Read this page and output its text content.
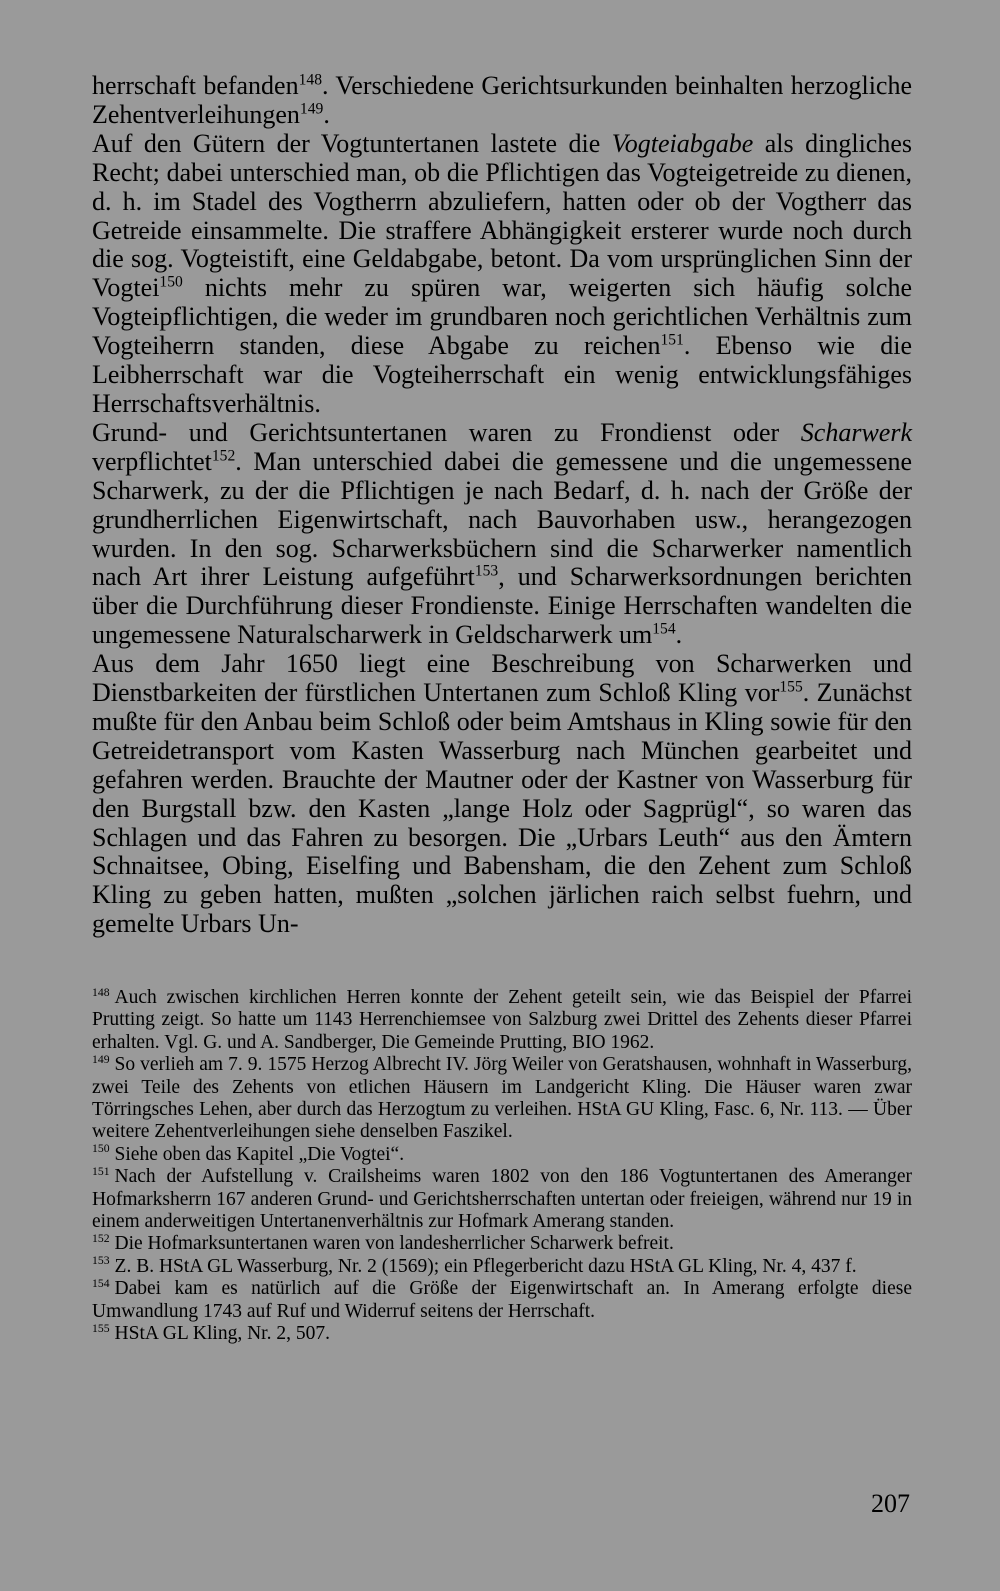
herrschaft befanden$^{148}$. Verschiedene Gerichtsurkunden beinhalten herzogliche Zehentverleihungen$^{149}$.

Auf den Gütern der Vogtuntertanen lastete die Vogteiabgabe als dingliches Recht; dabei unterschied man, ob die Pflichtigen das Vogteigetreide zu dienen, d. h. im Stadel des Vogtherrn abzuliefern, hatten oder ob der Vogtherr das Getreide einsammelte. Die straffere Abhängigkeit ersterer wurde noch durch die sog. Vogteistift, eine Geldabgabe, betont. Da vom ursprünglichen Sinn der Vogtei$^{150}$ nichts mehr zu spüren war, weigerten sich häufig solche Vogteipflichtigen, die weder im grundbaren noch gerichtlichen Verhältnis zum Vogteiherrn standen, diese Abgabe zu reichen$^{151}$. Ebenso wie die Leibherrschaft war die Vogteiherrschaft ein wenig entwicklungsfähiges Herrschaftsverhältnis.

Grund- und Gerichtsuntertanen waren zu Frondienst oder Scharwerk verpflichtet$^{152}$. Man unterschied dabei die gemessene und die ungemessene Scharwerk, zu der die Pflichtigen je nach Bedarf, d. h. nach der Größe der grundherrlichen Eigenwirtschaft, nach Bauvorhaben usw., herangezogen wurden. In den sog. Scharwerksbüchern sind die Scharwerker namentlich nach Art ihrer Leistung aufgeführt$^{153}$, und Scharwerksordnungen berichten über die Durchführung dieser Frondienste. Einige Herrschaften wandelten die ungemessene Naturalscharwerk in Geldscharwerk $um^{154}$.

Aus dem Jahr 1650 liegt eine Beschreibung von Scharwerken und Dienstbarkeiten der fürstlichen Untertanen zum Schloß Kling vor$^{155}$. Zunächst mußte für den Anbau beim Schloß oder beim Amtshaus in Kling sowie für den Getreidetransport vom Kasten Wasserburg nach München gearbeitet und gefahren werden. Brauchte der Mautner oder der Kastner von Wasserburg für den Burgstall bzw. den Kasten „lange Holz oder Sagprügl“, so waren das Schlagen und das Fahren zu besorgen. Die „Urbars Leuth“ aus den Ämtern Schnaitsee, Obing, Eiselfing und Babensham, die den Zehent zum Schloß Kling zu geben hatten, mußten „solchen järlichen raich selbst fuehrn, und gemelte Urbars Un-

$^{148}$ Auch zwischen kirchlichen Herren konnte der Zehent geteilt sein, wie das Beispiel der Pfarrei Prutting zeigt. So hatte um 1143 Herrenchiemsee von Salzburg zwei Drittel des Zehents dieser Pfarrei erhalten. Vgl. G. und A. Sandberger, Die Gemeinde Prutting, BIO 1962.

$^{149}$ So verlieh am 7. 9. 1575 Herzog Albrecht IV. Jörg Weiler von Geratshausen, wohnhaft in Wasserburg, zwei Teile des Zehents von etlichen Häusern im Landgericht Kling. Die Häuser waren zwar Törringsches Lehen, aber durch das Herzogtum zu verleihen. HStA GU Kling, Fasc. 6, Nr. 113. — Über weitere Zehentverleihungen siehe denselben Faszikel.

$^{150}$ Siehe oben das Kapitel „Die Vogtei“.

$^{151}$ Nach der Aufstellung v. Crailsheims waren 1802 von den 186 Vogtuntertanen des Ameranger Hofmarksherrn 167 anderen Grund- und Gerichtsherrschaften untertan oder freieigen, während nur 19 in einem anderweitigen Untertanenverhältnis zur Hofmark Amerang standen.

$^{152}$ Die Hofmarksuntertanen waren von landesherrlicher Scharwerk befreit.

$^{153}$ Z. B. HStA GL Wasserburg, Nr. 2 (1569); ein Pflegerbericht dazu HStA GL Kling, Nr. 4, 437 f.

$^{154}$ Dabei kam es natürlich auf die Größe der Eigenwirtschaft an. In Amerang erfolgte diese Umwandlung 1743 auf Ruf und Widerruf seitens der Herrschaft.

$^{155}$ HStA GL Kling, Nr. 2, 507.

207
